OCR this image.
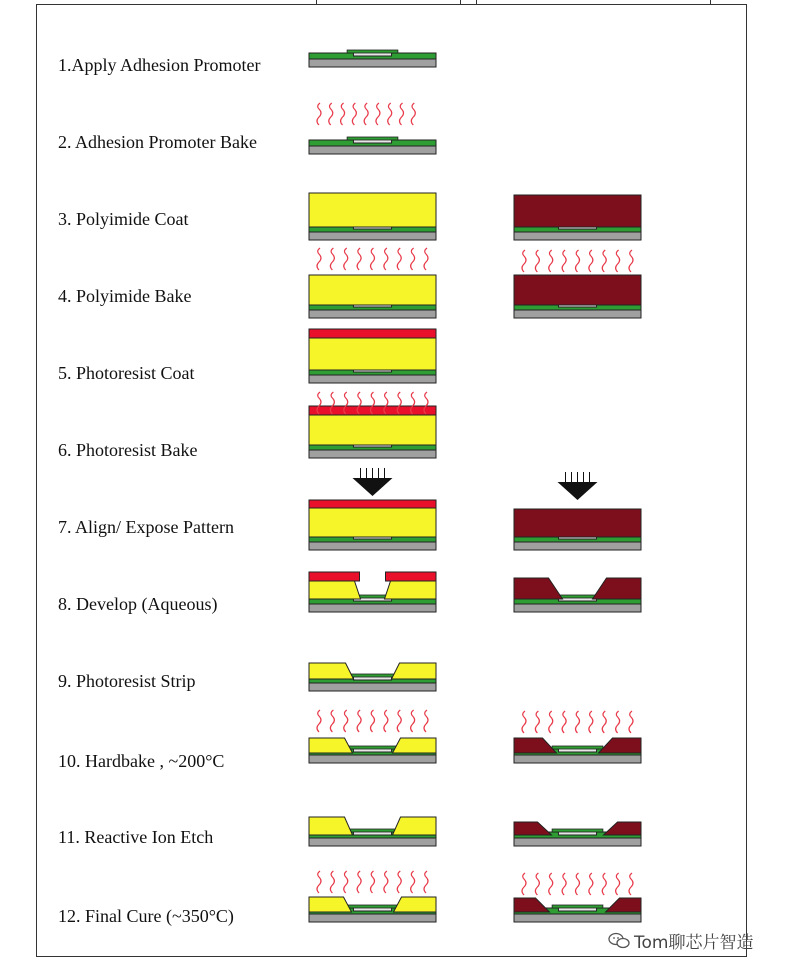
1.Apply Adhesion Promoter
2. Adhesion Promoter Bake
3. Polyimide Coat
4. Polyimide Bake
5. Photoresist Coat
6. Photoresist Bake
7. Align/ Expose Pattern
8. Develop (Aqueous)
9. Photoresist Strip
10. Hardbake , ~200°C
11. Reactive Ion Etch
12. Final Cure (~350°C)
Tom聊芯片智造
